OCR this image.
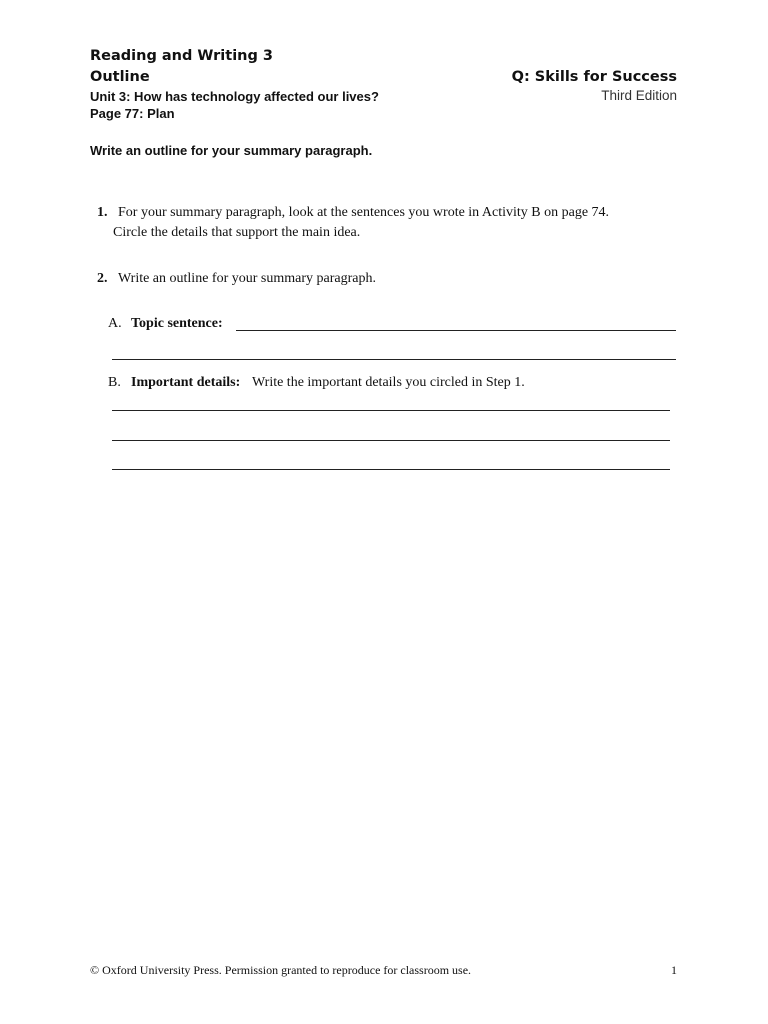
Reading and Writing 3
Outline	Q: Skills for Success
Unit 3: How has technology affected our lives?	Third Edition
Page 77: Plan
Write an outline for your summary paragraph.
1. For your summary paragraph, look at the sentences you wrote in Activity B on page 74.
Circle the details that support the main idea.
2. Write an outline for your summary paragraph.
A. Topic sentence:
B. Important details: Write the important details you circled in Step 1.
© Oxford University Press. Permission granted to reproduce for classroom use.	1
